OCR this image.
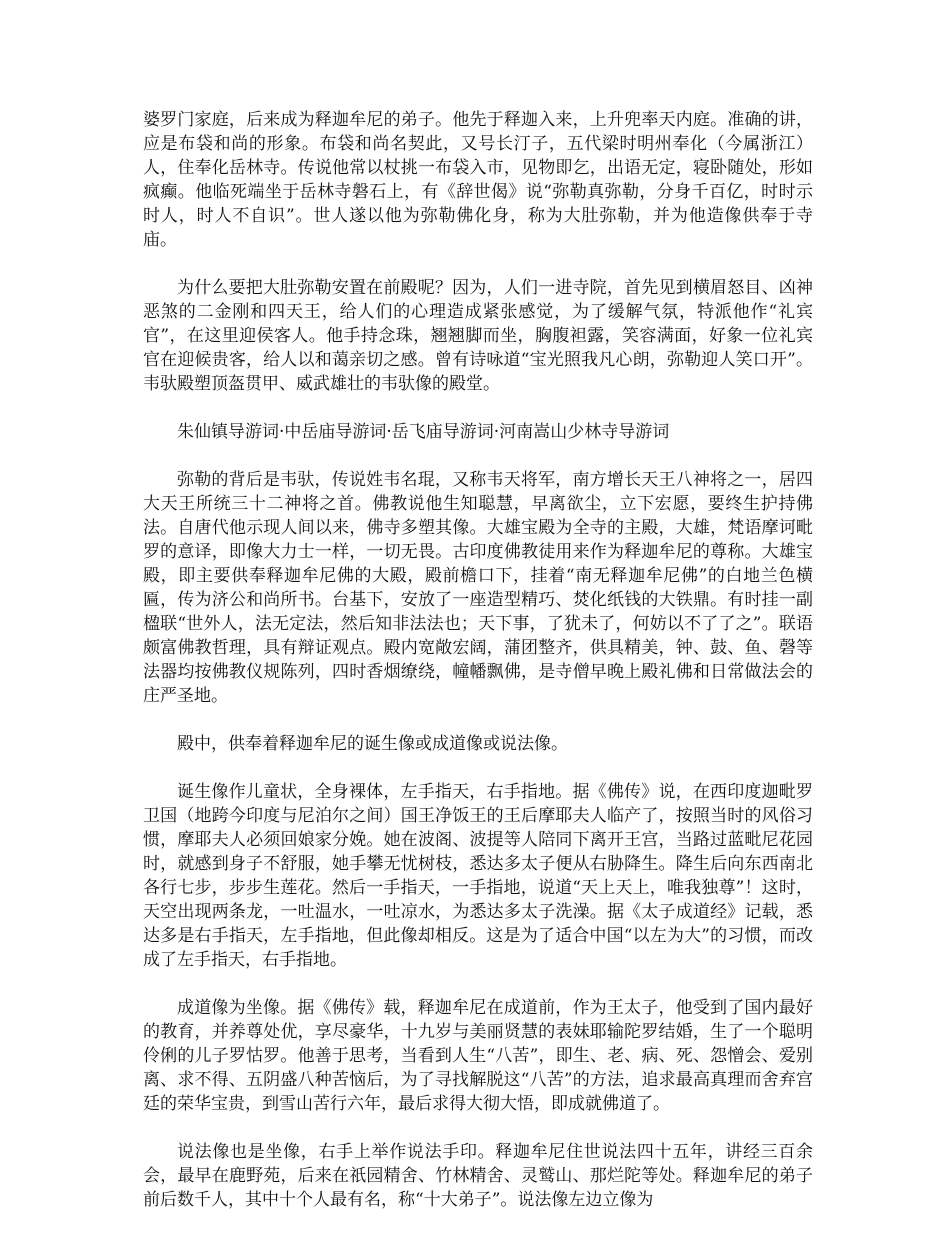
婆罗门家庭，后来成为释迦牟尼的弟子。他先于释迦入来，上升兜率天内庭。准确的讲，应是布袋和尚的形象。布袋和尚名契此，又号长汀子，五代梁时明州奉化（今属浙江）人，住奉化岳林寺。传说他常以杖挑一布袋入市，见物即乞，出语无定，寝卧随处，形如疯癫。他临死端坐于岳林寺磐石上，有《辞世偈》说“弥勒真弥勒，分身千百亿，时时示时人，时人不自识”。世人遂以他为弥勒佛化身，称为大肚弥勒，并为他造像供奉于寺庙。

为什么要把大肚弥勒安置在前殿呢？因为，人们一进寺院，首先见到横眉怒目、凶神恶煞的二金刚和四天王，给人们的心理造成紧张感觉，为了缓解气氛，特派他作“礼宾官”，在这里迎侯客人。他手持念珠，翘翘脚而坐，胸腹袒露，笑容满面，好象一位礼宾官在迎候贵客，给人以和蔼亲切之感。曾有诗咏道“宝光照我凡心朗，弥勒迎人笑口开”。韦驮殿塑顶盔贯甲、威武雄壮的韦驮像的殿堂。

朱仙镇导游词·中岳庙导游词·岳飞庙导游词·河南嵩山少林寺导游词

弥勒的背后是韦驮，传说姓韦名琨，又称韦天将军，南方增长天王八神将之一，居四大天王所统三十二神将之首。佛教说他生知聪慧，早离欲尘，立下宏愿，要终生护持佛法。自唐代他示现人间以来，佛寺多塑其像。大雄宝殿为全寺的主殿，大雄，梵语摩诃毗罗的意译，即像大力士一样，一切无畏。古印度佛教徒用来作为释迦牟尼的尊称。大雄宝殿，即主要供奉释迦牟尼佛的大殿，殿前檐口下，挂着“南无释迦牟尼佛”的白地兰色横匾，传为济公和尚所书。台基下，安放了一座造型精巧、焚化纸钱的大铁鼎。有时挂一副楹联“世外人，法无定法，然后知非法法也；天下事，了犹未了，何妨以不了了之”。联语颇富佛教哲理，具有辩证观点。殿内宽敞宏阔，蒲团整齐，供具精美，钟、鼓、鱼、磬等法器均按佛教仪规陈列，四时香烟缭绕，幢幡飘佛，是寺僧早晚上殿礼佛和日常做法会的庄严圣地。

殿中，供奉着释迦牟尼的诞生像或成道像或说法像。

诞生像作儿童状，全身裸体，左手指天，右手指地。据《佛传》说，在西印度迦毗罗卫国（地跨今印度与尼泊尔之间）国王净饭王的王后摩耶夫人临产了，按照当时的风俗习惯，摩耶夫人必须回娘家分娩。她在波阁、波提等人陪同下离开王宫，当路过蓝毗尼花园时，就感到身子不舒服，她手攀无忧树枝，悉达多太子便从右胁降生。降生后向东西南北各行七步，步步生莲花。然后一手指天，一手指地，说道“天上天上，唯我独尊”！这时，天空出现两条龙，一吐温水，一吐凉水，为悉达多太子洗澡。据《太子成道经》记载，悉达多是右手指天，左手指地，但此像却相反。这是为了适合中国“以左为大”的习惯，而改成了左手指天，右手指地。

成道像为坐像。据《佛传》载，释迦牟尼在成道前，作为王太子，他受到了国内最好的教育，并养尊处优，享尽豪华，十九岁与美丽贤慧的表妹耶输陀罗结婚，生了一个聪明伶俐的儿子罗怙罗。他善于思考，当看到人生“八苦”，即生、老、病、死、怨憎会、爱别离、求不得、五阴盛八种苦恼后，为了寻找解脱这“八苦”的方法，追求最高真理而舍弃宫廷的荣华宝贵，到雪山苦行六年，最后求得大彻大悟，即成就佛道了。

说法像也是坐像，右手上举作说法手印。释迦牟尼住世说法四十五年，讲经三百余会，最早在鹿野苑，后来在祇园精舍、竹林精舍、灵鹫山、那烂陀等处。释迦牟尼的弟子前后数千人，其中十个人最有名，称“十大弟子”。说法像左边立像为
